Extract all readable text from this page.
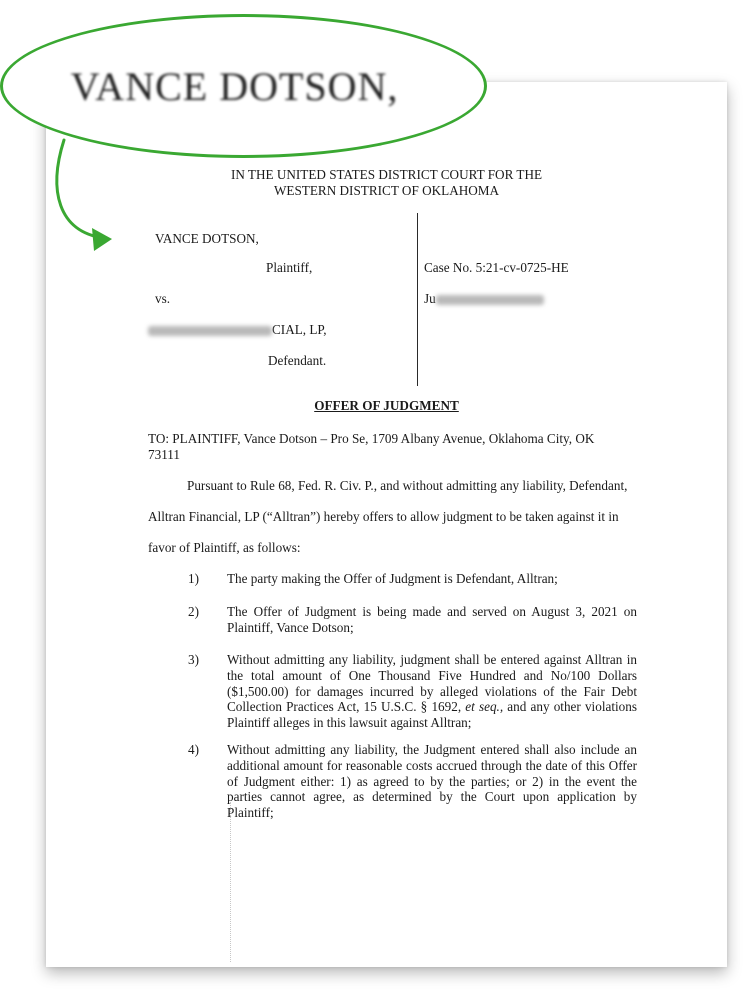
IN THE UNITED STATES DISTRICT COURT FOR THE
WESTERN DISTRICT OF OKLAHOMA
VANCE DOTSON,
Plaintiff,
vs.
CIAL, LP,
Defendant.
Case No. 5:21-cv-0725-HE
Ju
OFFER OF JUDGMENT
TO: PLAINTIFF, Vance Dotson – Pro Se, 1709 Albany Avenue, Oklahoma City, OK
73111
Pursuant to Rule 68, Fed. R. Civ. P., and without admitting any liability, Defendant,
Alltran Financial, LP (“Alltran”) hereby offers to allow judgment to be taken against it in
favor of Plaintiff, as follows:
1) The party making the Offer of Judgment is Defendant, Alltran;
2) The Offer of Judgment is being made and served on August 3, 2021 on Plaintiff, Vance Dotson;
3) Without admitting any liability, judgment shall be entered against Alltran in the total amount of One Thousand Five Hundred and No/100 Dollars ($1,500.00) for damages incurred by alleged violations of the Fair Debt Collection Practices Act, 15 U.S.C. § 1692, et seq., and any other violations Plaintiff alleges in this lawsuit against Alltran;
4) Without admitting any liability, the Judgment entered shall also include an additional amount for reasonable costs accrued through the date of this Offer of Judgment either: 1) as agreed to by the parties; or 2) in the event the parties cannot agree, as determined by the Court upon application by Plaintiff;
VANCE DOTSON,
